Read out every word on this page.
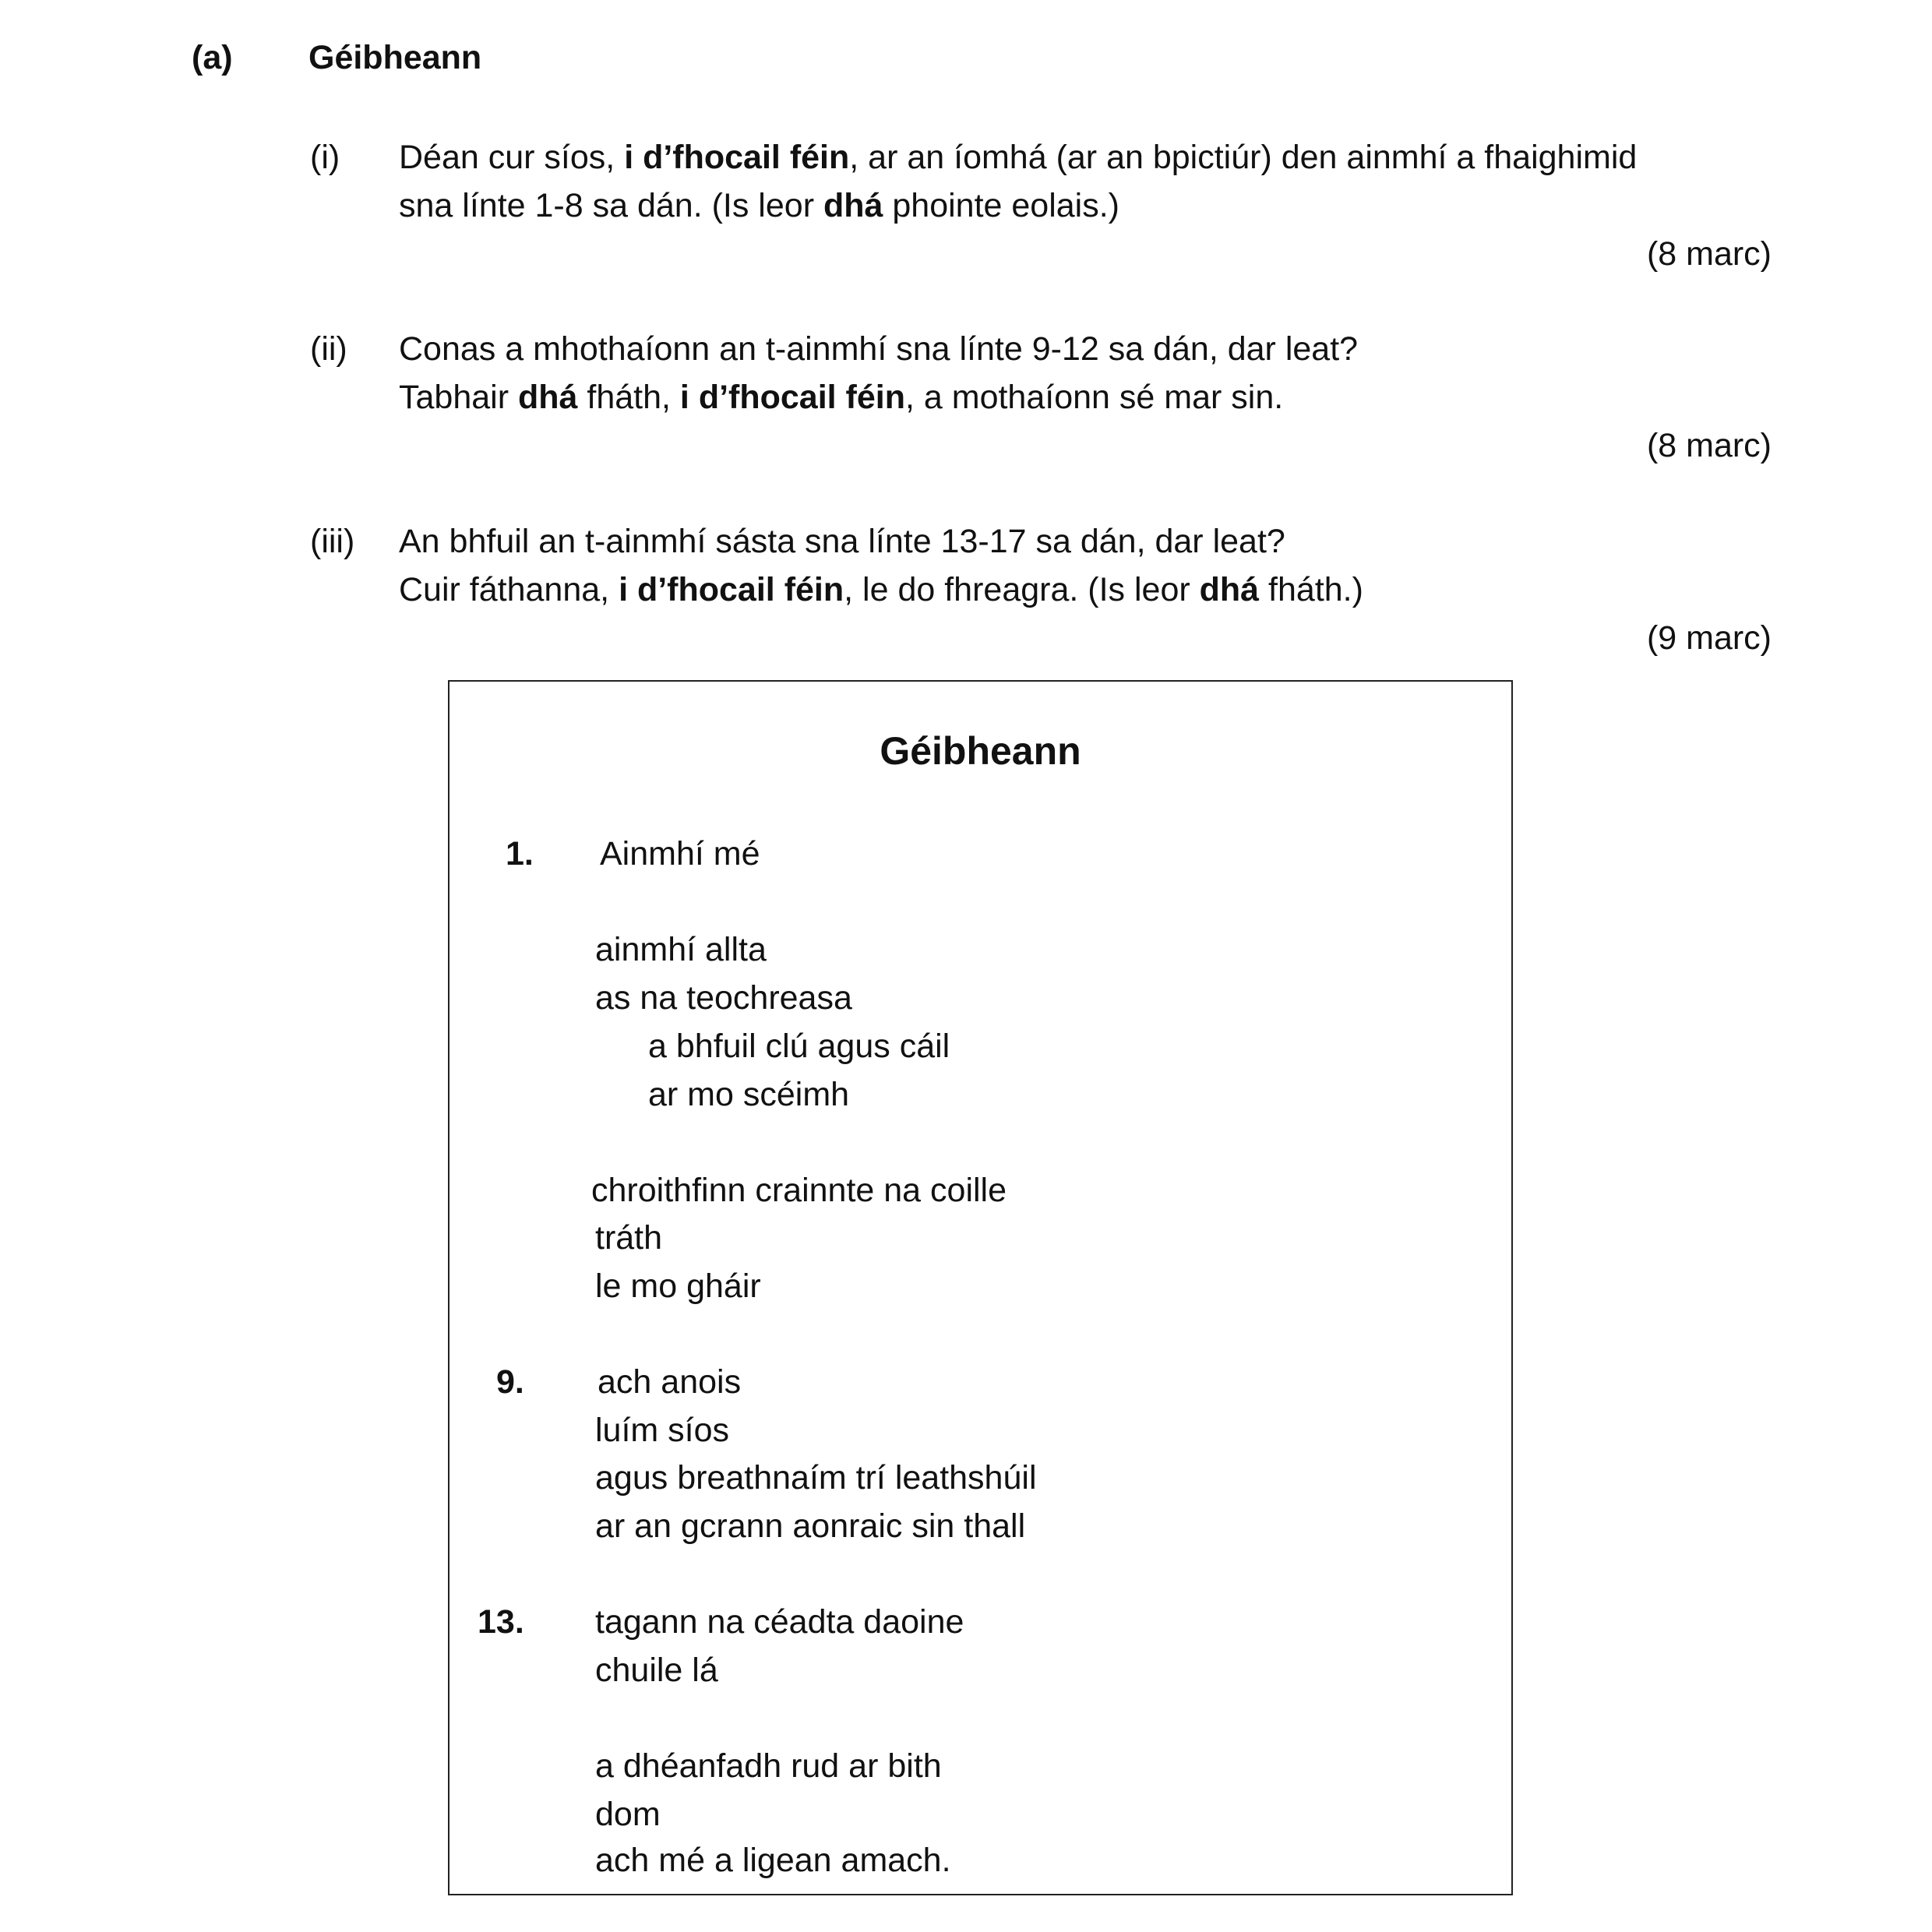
(a) Géibheann
(i) Déan cur síos, i d’fhocail féin, ar an íomhá (ar an bpictiúr) den ainmhí a fhaighimid
sna línte 1-8 sa dán. (Is leor dhá phointe eolais.)
(8 marc)
(ii) Conas a mhothaíonn an t-ainmhí sna línte 9-12 sa dán, dar leat?
Tabhair dhá fháth, i d’fhocail féin, a mothaíonn sé mar sin.
(8 marc)
(iii) An bhfuil an t-ainmhí sásta sna línte 13-17 sa dán, dar leat?
Cuir fáthanna, i d’fhocail féin, le do fhreagra. (Is leor dhá fháth.)
(9 marc)
Géibheann
1.
9.
13.
Ainmhí mé
ainmhí allta
as na teochreasa
a bhfuil clú agus cáil
ar mo scéimh
chroithfinn crainnte na coille
tráth
le mo gháir
ach anois
luím síos
agus breathnaím trí leathshúil
ar an gcrann aonraic sin thall
tagann na céadta daoine
chuile lá
a dhéanfadh rud ar bith
dom
ach mé a ligean amach.
